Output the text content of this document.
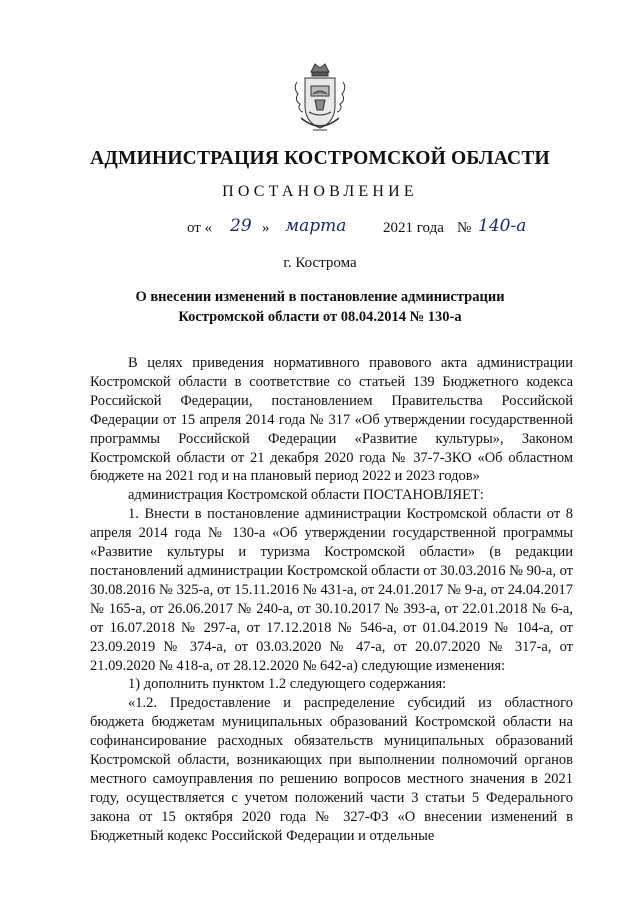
АДМИНИСТРАЦИЯ КОСТРОМСКОЙ ОБЛАСТИ
ПОСТАНОВЛЕНИЕ
от « 29 » марта 2021 года № 140-а
г. Кострома
О внесении изменений в постановление администрации
Костромской области от 08.04.2014 № 130-а

В целях приведения нормативного правового акта администрации Костромской области в соответствие со статьей 139 Бюджетного кодекса Российской Федерации, постановлением Правительства Российской Федерации от 15 апреля 2014 года № 317 «Об утверждении государственной программы Российской Федерации «Развитие культуры», Законом Костромской области от 21 декабря 2020 года № 37-7-ЗКО «Об областном бюджете на 2021 год и на плановый период 2022 и 2023 годов»

администрация Костромской области ПОСТАНОВЛЯЕТ:

1. Внести в постановление администрации Костромской области от 8 апреля 2014 года № 130-а «Об утверждении государственной программы «Развитие культуры и туризма Костромской области» (в редакции постановлений администрации Костромской области от 30.03.2016 № 90-а, от 30.08.2016 № 325-а, от 15.11.2016 № 431-а, от 24.01.2017 № 9-а, от 24.04.2017 № 165-а, от 26.06.2017 № 240-а, от 30.10.2017 № 393-а, от 22.01.2018 № 6-а, от 16.07.2018 № 297-а, от 17.12.2018 № 546-а, от 01.04.2019 № 104-а, от 23.09.2019 № 374-а, от 03.03.2020 № 47-а, от 20.07.2020 № 317-а, от 21.09.2020 № 418-а, от 28.12.2020 № 642-а) следующие изменения:

1) дополнить пунктом 1.2 следующего содержания:

«1.2. Предоставление и распределение субсидий из областного бюджета бюджетам муниципальных образований Костромской области на софинансирование расходных обязательств муниципальных образований Костромской области, возникающих при выполнении полномочий органов местного самоуправления по решению вопросов местного значения в 2021 году, осуществляется с учетом положений части 3 статьи 5 Федерального закона от 15 октября 2020 года № 327-ФЗ «О внесении изменений в Бюджетный кодекс Российской Федерации и отдельные
